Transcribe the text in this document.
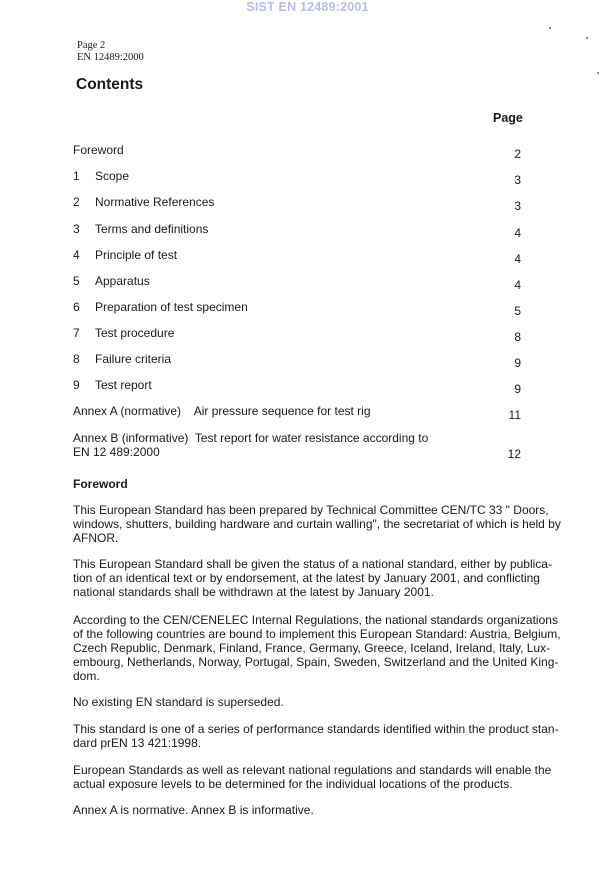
SIST EN 12489:2001
Page 2
EN 12489:2000
Contents
Page
Foreword	2
1 Scope	3
2 Normative References	3
3 Terms and definitions	4
4 Principle of test	4
5 Apparatus	4
6 Preparation of test specimen	5
7 Test procedure	8
8 Failure criteria	9
9 Test report	9
Annex A (normative) Air pressure sequence for test rig	11
Annex B (informative) Test report for water resistance according to
EN 12 489:2000	12
Foreword
This European Standard has been prepared by Technical Committee CEN/TC 33 " Doors,
windows, shutters, building hardware and curtain walling", the secretariat of which is held by
AFNOR.
This European Standard shall be given the status of a national standard, either by publica-
tion of an identical text or by endorsement, at the latest by January 2001, and conflicting
national standards shall be withdrawn at the latest by January 2001.
According to the CEN/CENELEC Internal Regulations, the national standards organizations
of the following countries are bound to implement this European Standard: Austria, Belgium,
Czech Republic, Denmark, Finland, France, Germany, Greece, Iceland, Ireland, Italy, Lux-
embourg, Netherlands, Norway, Portugal, Spain, Sweden, Switzerland and the United King-
dom.
No existing EN standard is superseded.
This standard is one of a series of performance standards identified within the product stan-
dard prEN 13 421:1998.
European Standards as well as relevant national regulations and standards will enable the
actual exposure levels to be determined for the individual locations of the products.
Annex A is normative. Annex B is informative.
